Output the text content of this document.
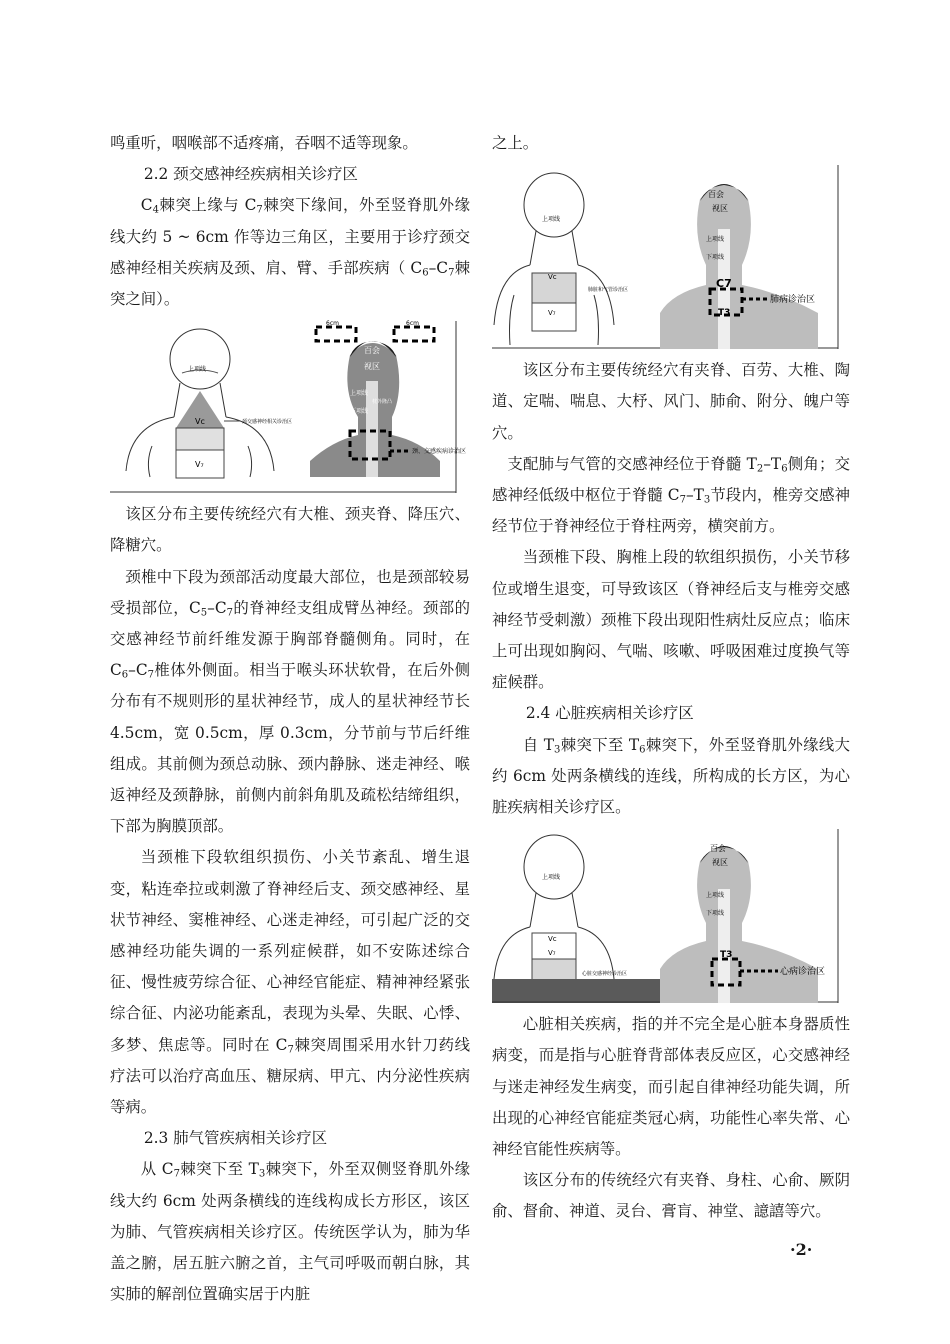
鸣重听，咽喉部不适疼痛，吞咽不适等现象。

2.2 颈交感神经疾病相关诊疗区

$C_4$棘突上缘与 $C_7$棘突下缘间，外至竖脊肌外缘线大约 5 ~ 6cm 作等边三角区，主要用于诊疗颈交感神经相关疾病及颈、肩、臂、手部疾病（ $C_6-C_7$棘突之间）。

上项线
Vc
V₇
颈交感神经相关诊治区
6cm	6cm
百会
视区
上项线
枕外隆凸
下项线
颈、交感疾病诊治区

该区分布主要传统经穴有大椎、颈夹脊、降压穴、降糖穴。

颈椎中下段为颈部活动度最大部位，也是颈部较易受损部位，$C_5-C_7$的脊神经支组成臂丛神经。颈部的交感神经节前纤维发源于胸部脊髓侧角。同时，在 $C_6-C_7$椎体外侧面。相当于喉头环状软骨，在后外侧分布有不规则形的星状神经节，成人的星状神经节长 4.5cm，宽 0.5cm，厚 0.3cm，分节前与节后纤维组成。其前侧为颈总动脉、颈内静脉、迷走神经、喉返神经及颈静脉，前侧内前斜角肌及疏松结缔组织，下部为胸膜顶部。

当颈椎下段软组织损伤、小关节紊乱、增生退变，粘连牵拉或刺激了脊神经后支、颈交感神经、星状节神经、窦椎神经、心迷走神经，可引起广泛的交感神经功能失调的一系列症候群，如不安陈述综合征、慢性疲劳综合征、心神经官能症、精神神经紧张综合征、内泌功能紊乱，表现为头晕、失眠、心悸、多梦、焦虑等。同时在 $C_7$棘突周围采用水针刀药线疗法可以治疗高血压、糖尿病、甲亢、内分泌性疾病等病。

2.3 肺气管疾病相关诊疗区

从 $C_7$棘突下至 $T_3$棘突下，外至双侧竖脊肌外缘线大约 6cm 处两条横线的连线构成长方形区，该区为肺、气管疾病相关诊疗区。传统医学认为，肺为华盖之腑，居五脏六腑之首，主气司呼吸而朝白脉，其实肺的解剖位置确实居于内脏

之上。

上项线
Vc
V₇
肺脏和气管诊治区
百会
视区
上项线
下项线
C7
T3
肺病诊治区

该区分布主要传统经穴有夹脊、百劳、大椎、陶道、定喘、喘息、大杼、风门、肺俞、附分、魄户等穴。

支配肺与气管的交感神经位于脊髓 $T_2-T_6$侧角；交感神经低级中枢位于脊髓 $C_7-T_3$节段内，椎旁交感神经节位于脊神经位于脊柱两旁，横突前方。

当颈椎下段、胸椎上段的软组织损伤，小关节移位或增生退变，可导致该区（脊神经后支与椎旁交感神经节受刺激）颈椎下段出现阳性病灶反应点；临床上可出现如胸闷、气喘、咳嗽、呼吸困难过度换气等症候群。

2.4 心脏疾病相关诊疗区

自 $T_3$棘突下至 $T_6$棘突下，外至竖脊肌外缘线大约 6cm 处两条横线的连线，所构成的长方区，为心脏疾病相关诊疗区。

上项线
Vc
V₇
心脏交感神经诊治区
百会
视区
上项线
下项线
T3
心病诊治区

心脏相关疾病，指的并不完全是心脏本身器质性病变，而是指与心脏脊背部体表反应区，心交感神经与迷走神经发生病变，而引起自律神经功能失调，所出现的心神经官能症类冠心病，功能性心率失常、心神经官能性疾病等。

该区分布的传统经穴有夹脊、身柱、心俞、厥阴俞、督俞、神道、灵台、膏肓、神堂、譩譆等穴。

·2·
